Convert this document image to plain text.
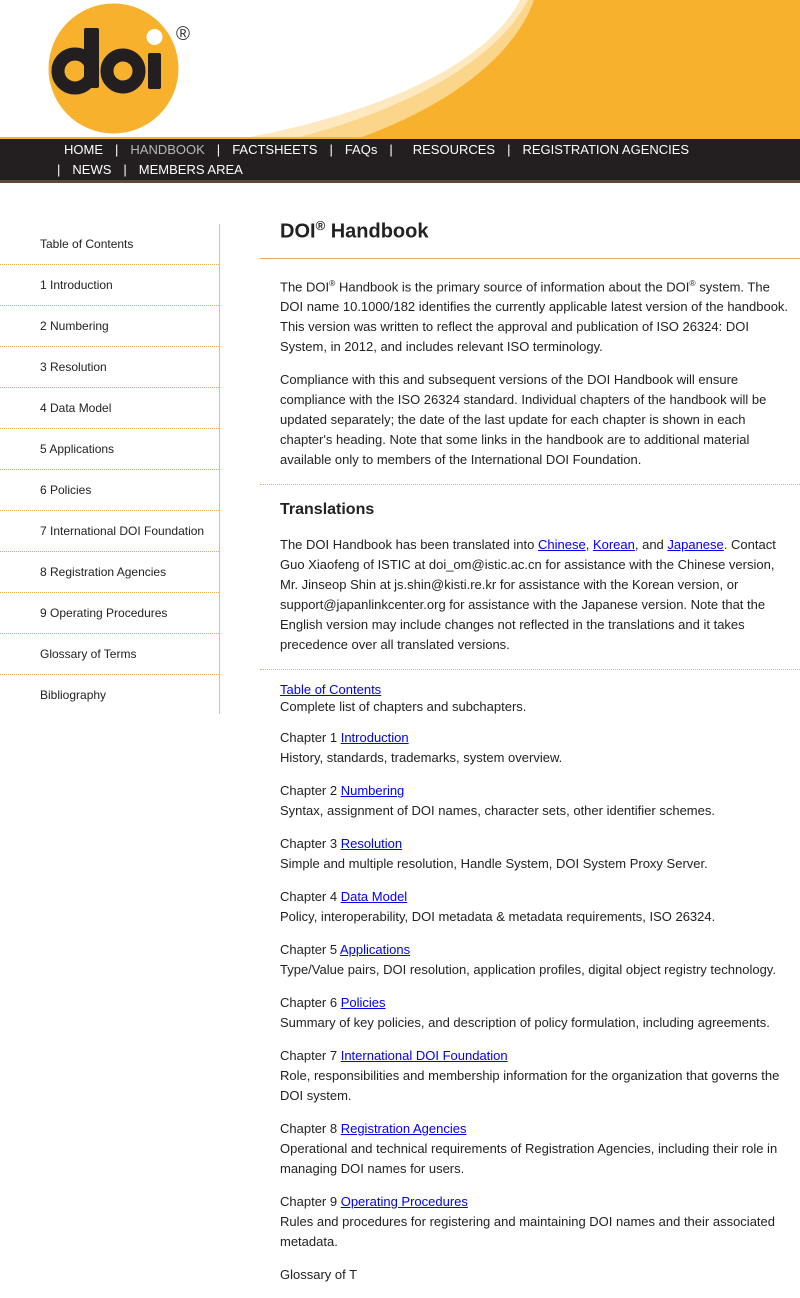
®
HOME | HANDBOOK | FACTSHEETS | FAQs | RESOURCES | REGISTRATION AGENCIES
| NEWS | MEMBERS AREA
Table of Contents
1 Introduction
2 Numbering
3 Resolution
4 Data Model
5 Applications
6 Policies
7 International DOI Foundation
8 Registration Agencies
9 Operating Procedures
Glossary of Terms
Bibliography
DOI® Handbook

The DOI® Handbook is the primary source of information about the DOI® system. The DOI name 10.1000/182 identifies the currently applicable latest version of the handbook. This version was written to reflect the approval and publication of ISO 26324: DOI System, in 2012, and includes relevant ISO terminology.

Compliance with this and subsequent versions of the DOI Handbook will ensure compliance with the ISO 26324 standard. Individual chapters of the handbook will be updated separately; the date of the last update for each chapter is shown in each chapter's heading. Note that some links in the handbook are to additional material available only to members of the International DOI Foundation.

Translations

The DOI Handbook has been translated into Chinese, Korean, and Japanese. Contact Guo Xiaofeng of ISTIC at doi_om@istic.ac.cn for assistance with the Chinese version, Mr. Jinseop Shin at js.shin@kisti.re.kr for assistance with the Korean version, or support@japanlinkcenter.org for assistance with the Japanese version. Note that the English version may include changes not reflected in the translations and it takes precedence over all translated versions.

Table of Contents
Complete list of chapters and subchapters.
Chapter 1 Introduction
History, standards, trademarks, system overview.
Chapter 2 Numbering
Syntax, assignment of DOI names, character sets, other identifier schemes.
Chapter 3 Resolution
Simple and multiple resolution, Handle System, DOI System Proxy Server.
Chapter 4 Data Model
Policy, interoperability, DOI metadata & metadata requirements, ISO 26324.
Chapter 5 Applications
Type/Value pairs, DOI resolution, application profiles, digital object registry technology.
Chapter 6 Policies
Summary of key policies, and description of policy formulation, including agreements.
Chapter 7 International DOI Foundation
Role, responsibilities and membership information for the organization that governs the DOI system.
Chapter 8 Registration Agencies
Operational and technical requirements of Registration Agencies, including their role in managing DOI names for users.
Chapter 9 Operating Procedures
Rules and procedures for registering and maintaining DOI names and their associated metadata.
Glossary of T
